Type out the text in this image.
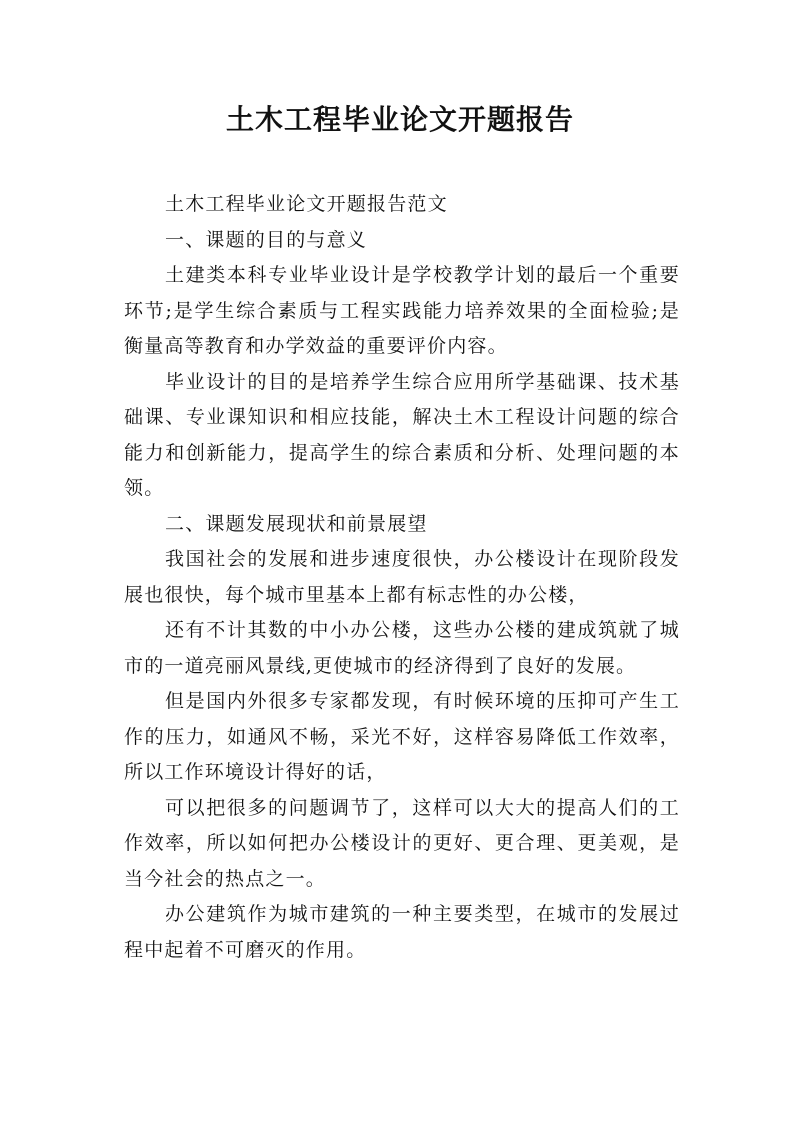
土木工程毕业论文开题报告

土木工程毕业论文开题报告范文

一、课题的目的与意义

土建类本科专业毕业设计是学校教学计划的最后一个重要环节;是学生综合素质与工程实践能力培养效果的全面检验;是衡量高等教育和办学效益的重要评价内容。

毕业设计的目的是培养学生综合应用所学基础课、技术基础课、专业课知识和相应技能，解决土木工程设计问题的综合能力和创新能力，提高学生的综合素质和分析、处理问题的本领。

二、课题发展现状和前景展望

我国社会的发展和进步速度很快，办公楼设计在现阶段发展也很快，每个城市里基本上都有标志性的办公楼，

还有不计其数的中小办公楼，这些办公楼的建成筑就了城市的一道亮丽风景线,更使城市的经济得到了良好的发展。

但是国内外很多专家都发现，有时候环境的压抑可产生工作的压力，如通风不畅，采光不好，这样容易降低工作效率，所以工作环境设计得好的话，

可以把很多的问题调节了，这样可以大大的提高人们的工作效率，所以如何把办公楼设计的更好、更合理、更美观，是当今社会的热点之一。

办公建筑作为城市建筑的一种主要类型，在城市的发展过程中起着不可磨灭的作用。
